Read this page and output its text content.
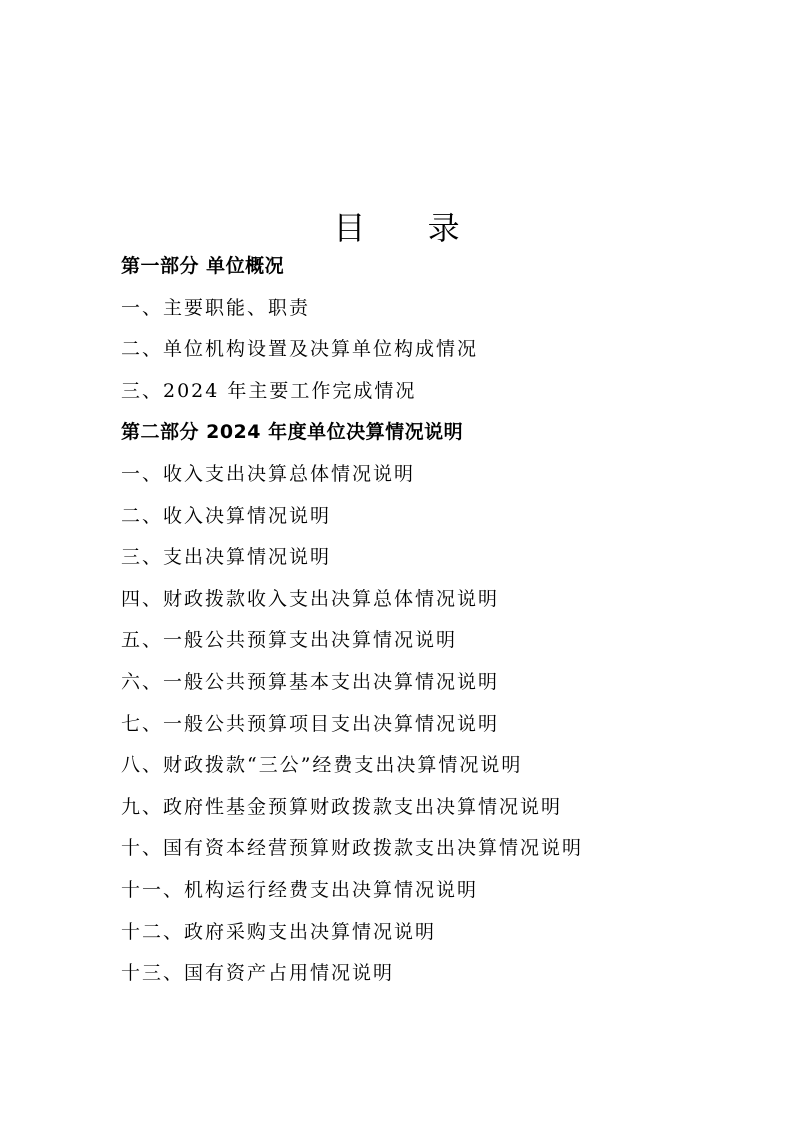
目 录
第一部分 单位概况
一、主要职能、职责
二、单位机构设置及决算单位构成情况
三、2024 年主要工作完成情况
第二部分 2024 年度单位决算情况说明
一、收入支出决算总体情况说明
二、收入决算情况说明
三、支出决算情况说明
四、财政拨款收入支出决算总体情况说明
五、一般公共预算支出决算情况说明
六、一般公共预算基本支出决算情况说明
七、一般公共预算项目支出决算情况说明
八、财政拨款“三公”经费支出决算情况说明
九、政府性基金预算财政拨款支出决算情况说明
十、国有资本经营预算财政拨款支出决算情况说明
十一、机构运行经费支出决算情况说明
十二、政府采购支出决算情况说明
十三、国有资产占用情况说明
